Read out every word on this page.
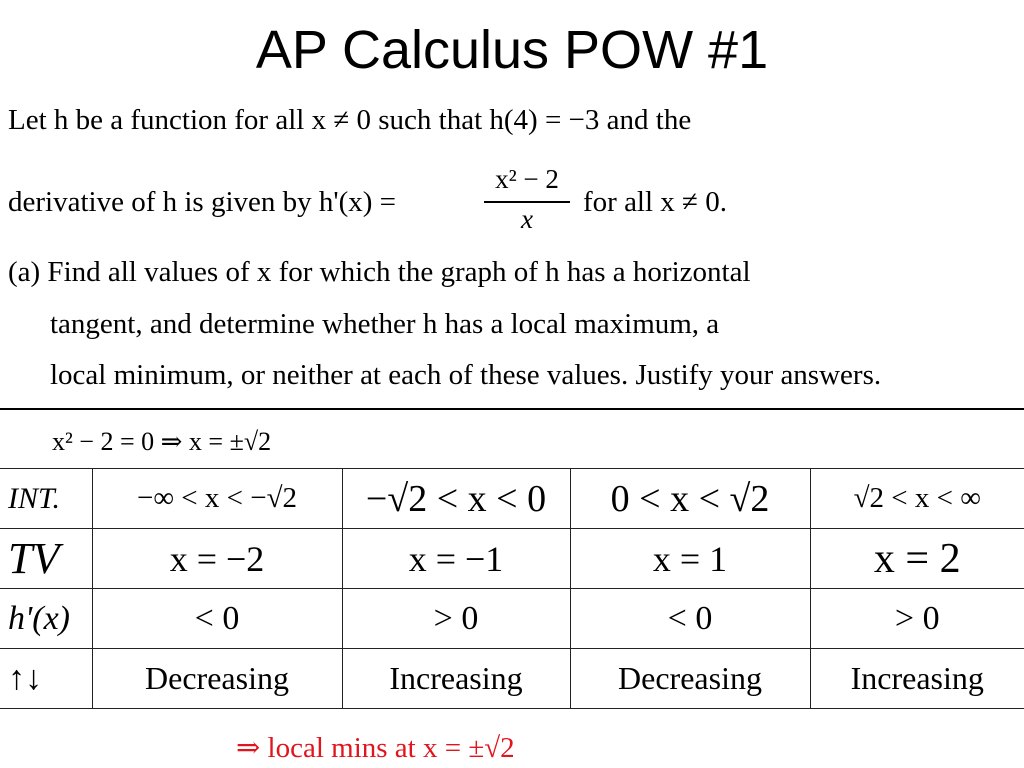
AP Calculus POW #1
Let h be a function for all x ≠ 0 such that h(4) = −3 and the
derivative of h is given by h'(x) =
x² − 2
x
for all x ≠ 0.
(a) Find all values of x for which the graph of h has a horizontal
tangent, and determine whether h has a local maximum, a
local minimum, or neither at each of these values. Justify your answers.
x² − 2 = 0 ⇒ x = ±√2
INT.	−∞ < x < −√2	−√2 < x < 0	0 < x < √2	√2 < x < ∞
TV	x = −2	x = −1	x = 1	x = 2
h'(x)	< 0	> 0	< 0	> 0
↑↓	Decreasing	Increasing	Decreasing	Increasing
⇒ local mins at x = ±√2
